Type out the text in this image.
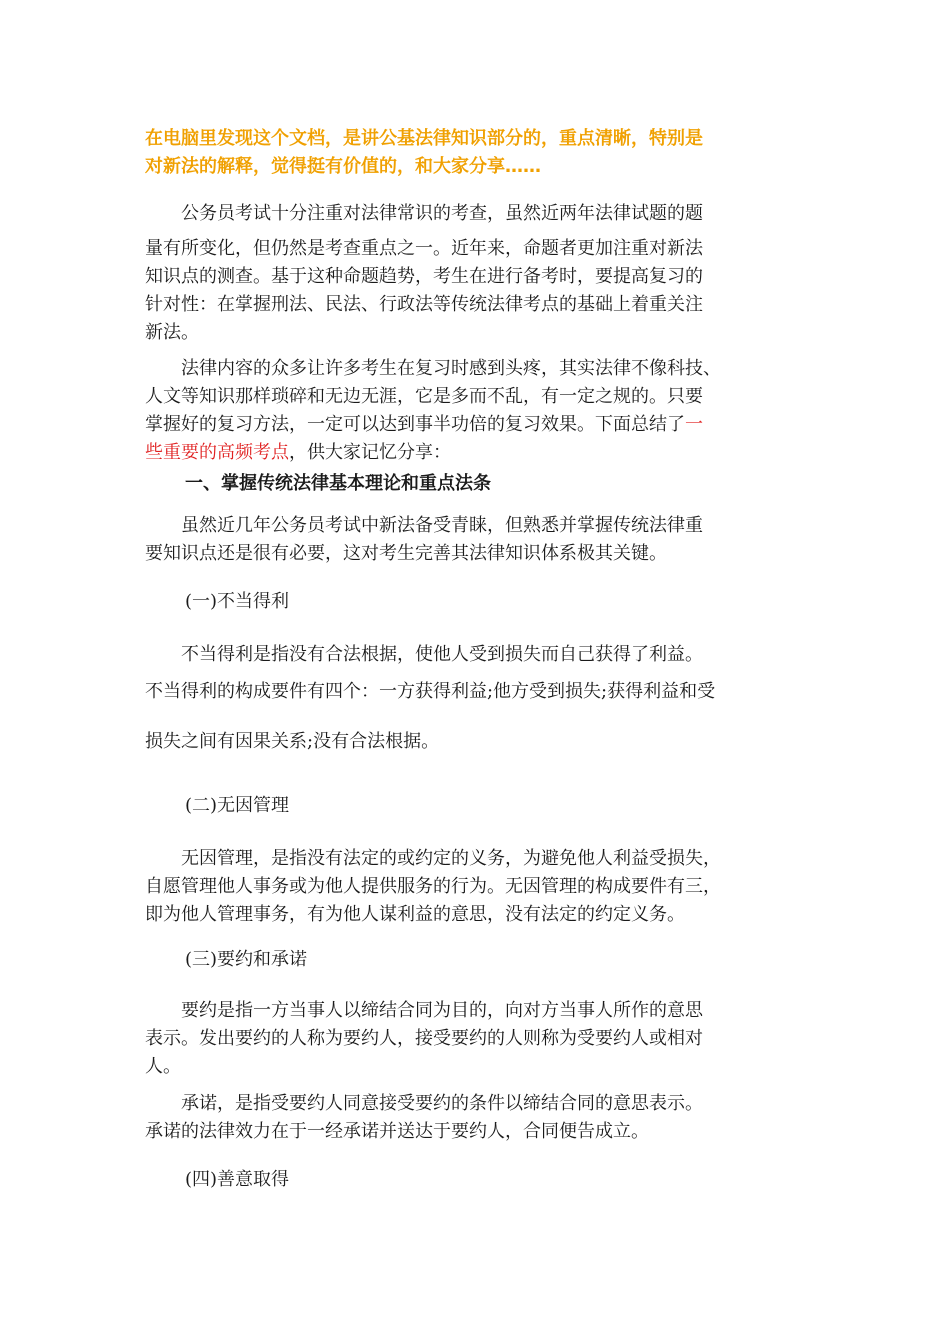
在电脑里发现这个文档，是讲公基法律知识部分的，重点清晰，特别是
对新法的解释，觉得挺有价值的，和大家分享……
　　公务员考试十分注重对法律常识的考查，虽然近两年法律试题的题
量有所变化，但仍然是考查重点之一。近年来，命题者更加注重对新法
知识点的测查。基于这种命题趋势，考生在进行备考时，要提高复习的
针对性：在掌握刑法、民法、行政法等传统法律考点的基础上着重关注
新法。
　　法律内容的众多让许多考生在复习时感到头疼，其实法律不像科技、
人文等知识那样琐碎和无边无涯，它是多而不乱，有一定之规的。只要
掌握好的复习方法，一定可以达到事半功倍的复习效果。下面总结了一
些重要的高频考点，供大家记忆分享：
一、掌握传统法律基本理论和重点法条
　　虽然近几年公务员考试中新法备受青睐，但熟悉并掌握传统法律重
要知识点还是很有必要，这对考生完善其法律知识体系极其关键。
(一)不当得利
　　不当得利是指没有合法根据，使他人受到损失而自己获得了利益。
不当得利的构成要件有四个：一方获得利益;他方受到损失;获得利益和受
损失之间有因果关系;没有合法根据。
(二)无因管理
　　无因管理，是指没有法定的或约定的义务，为避免他人利益受损失，
自愿管理他人事务或为他人提供服务的行为。无因管理的构成要件有三，
即为他人管理事务，有为他人谋利益的意思，没有法定的约定义务。
(三)要约和承诺
　　要约是指一方当事人以缔结合同为目的，向对方当事人所作的意思
表示。发出要约的人称为要约人，接受要约的人则称为受要约人或相对
人。
　　承诺，是指受要约人同意接受要约的条件以缔结合同的意思表示。
承诺的法律效力在于一经承诺并送达于要约人，合同便告成立。
(四)善意取得
